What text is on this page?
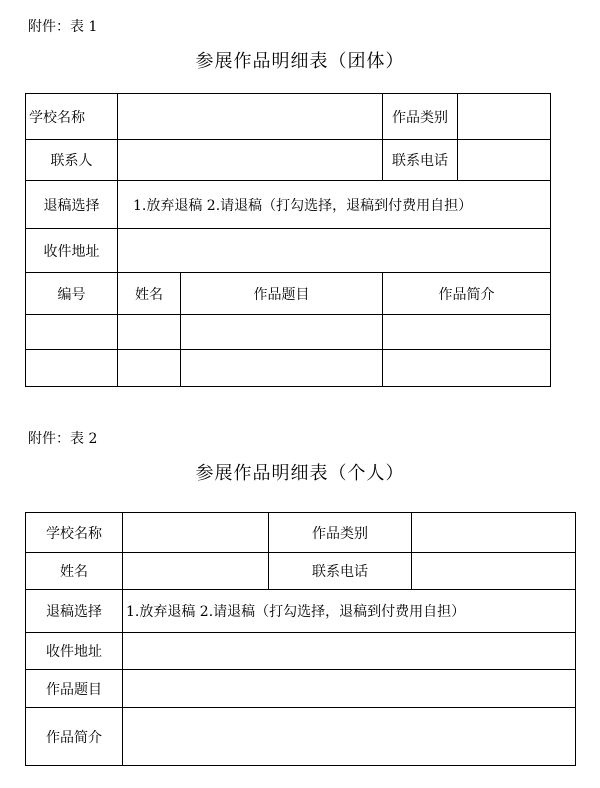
附件：表 1
参展作品明细表（团体）
学校名称			作品类别	
联系人			联系电话	
退稿选择	1.放弃退稿 2.请退稿（打勾选择，退稿到付费用自担）			
收件地址				
编号	姓名	作品题目	作品简介	

附件：表 2
参展作品明细表（个人）
学校名称		作品类别	
姓名		联系电话	
退稿选择	1.放弃退稿 2.请退稿（打勾选择，退稿到付费用自担）		
收件地址			
作品题目			
作品简介			
